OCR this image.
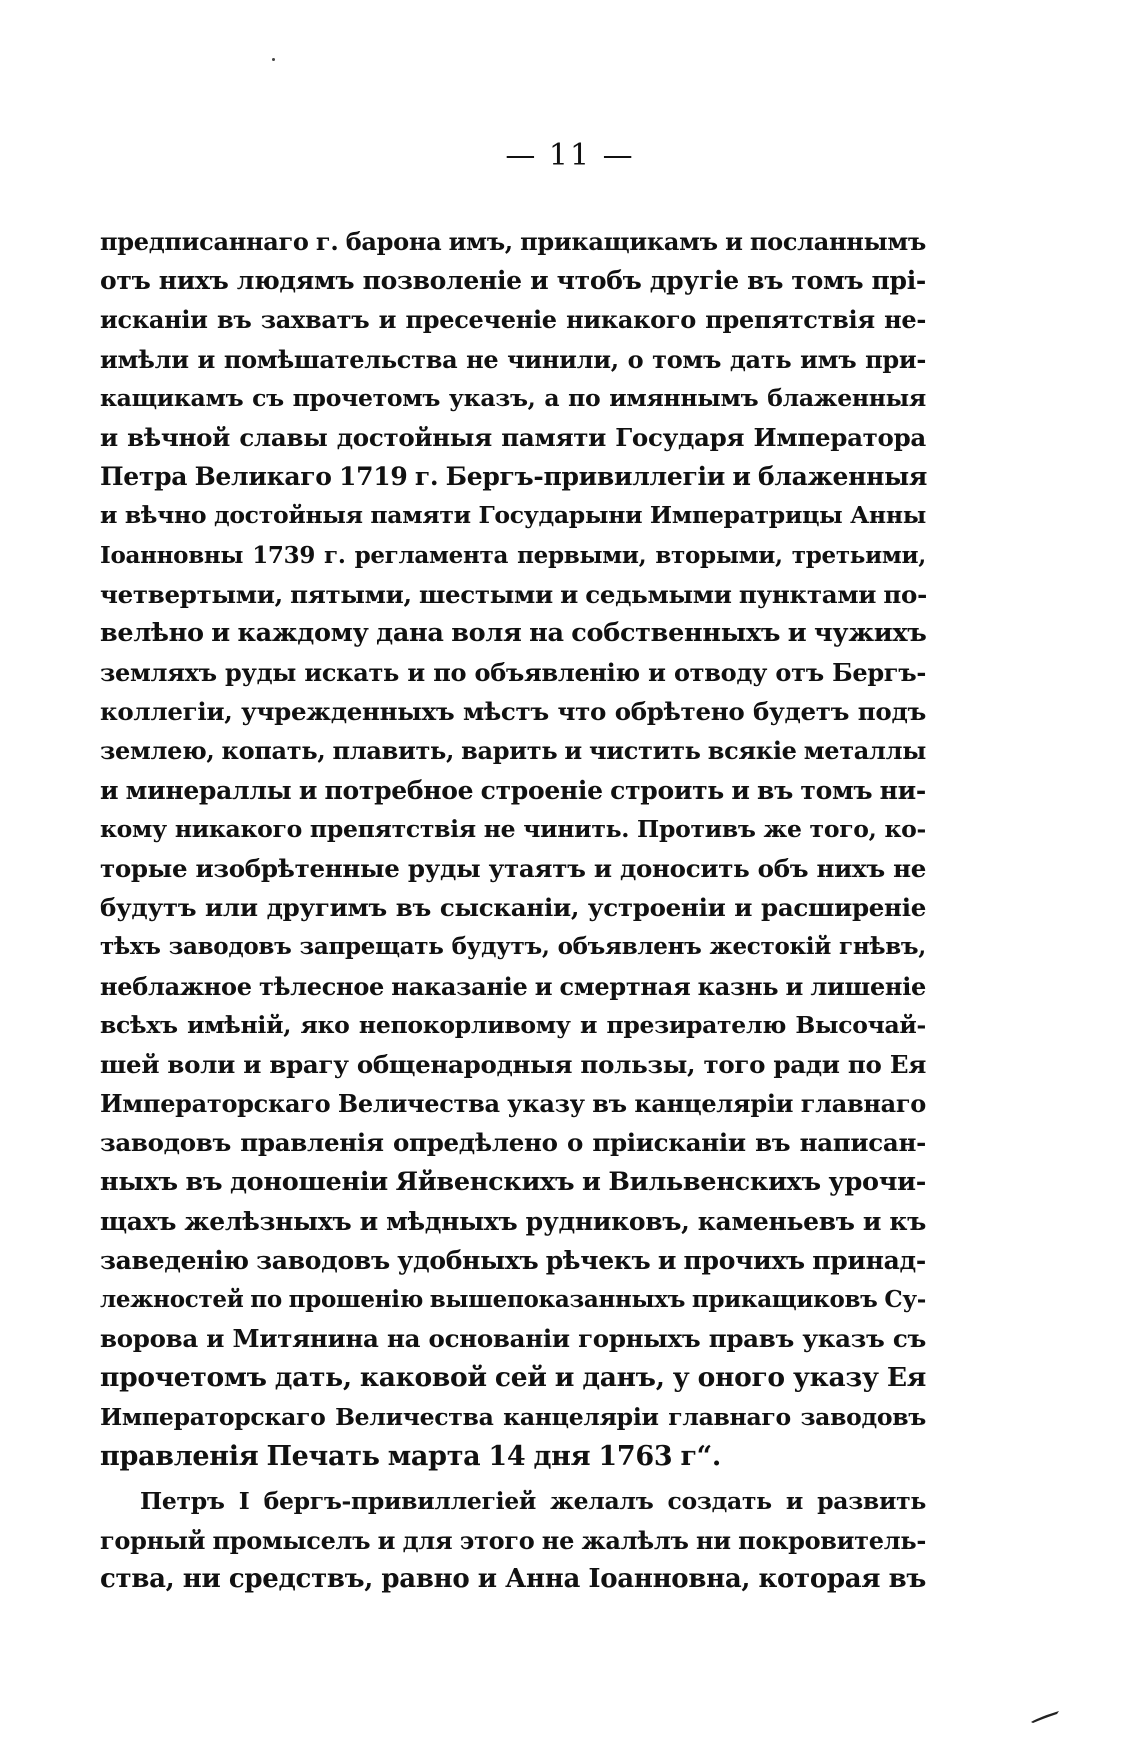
— 11 —
предписаннаго г. барона имъ, прикащикамъ и посланнымъ
отъ нихъ людямъ позволеніе и чтобъ другіе въ томъ прі-
исканіи въ захватъ и пресеченіе никакого препятствія не-
имѣли и помѣшательства не чинили, о томъ дать имъ при-
кащикамъ съ прочетомъ указъ, а по имяннымъ блаженныя
и вѣчной славы достойныя памяти Государя Императора
Петра Великаго 1719 г. Бергъ-привиллегіи и блаженныя
и вѣчно достойныя памяти Государыни Императрицы Анны
Іоанновны 1739 г. регламента первыми, вторыми, третьими,
четвертыми, пятыми, шестыми и седьмыми пунктами по-
велѣно и каждому дана воля на собственныхъ и чужихъ
земляхъ руды искать и по объявленію и отводу отъ Бергъ-
коллегіи, учрежденныхъ мѣстъ что обрѣтено будетъ подъ
землею, копать, плавить, варить и чистить всякіе металлы
и минераллы и потребное строеніе строить и въ томъ ни-
кому никакого препятствія не чинить. Противъ же того, ко-
торые изобрѣтенные руды утаятъ и доносить объ нихъ не
будутъ или другимъ въ сысканіи, устроеніи и расширеніе
тѣхъ заводовъ запрещать будутъ, объявленъ жестокій гнѣвъ,
неблажное тѣлесное наказаніе и смертная казнь и лишеніе
всѣхъ имѣній, яко непокорливому и презирателю Высочай-
шей воли и врагу общенародныя пользы, того ради по Ея
Императорскаго Величества указу въ канцеляріи главнаго
заводовъ правленія опредѣлено о прiисканіи въ написан-
ныхъ въ доношеніи Яйвенскихъ и Вильвенскихъ урочи-
щахъ желѣзныхъ и мѣдныхъ рудниковъ, каменьевъ и къ
заведенію заводовъ удобныхъ рѣчекъ и прочихъ принад-
лежностей по прошенію вышепоказанныхъ прикащиковъ Су-
ворова и Митянина на основаніи горныхъ правъ указъ съ
прочетомъ дать, каковой сей и данъ, у оного указу Ея
Императорскаго Величества канцеляріи главнаго заводовъ
правленія Печать марта 14 дня 1763 г“.
Петръ I бергъ-привиллегіей желалъ создать и развить
горный промыселъ и для этого не жалѣлъ ни покровитель-
ства, ни средствъ, равно и Анна Іоанновна, которая въ
